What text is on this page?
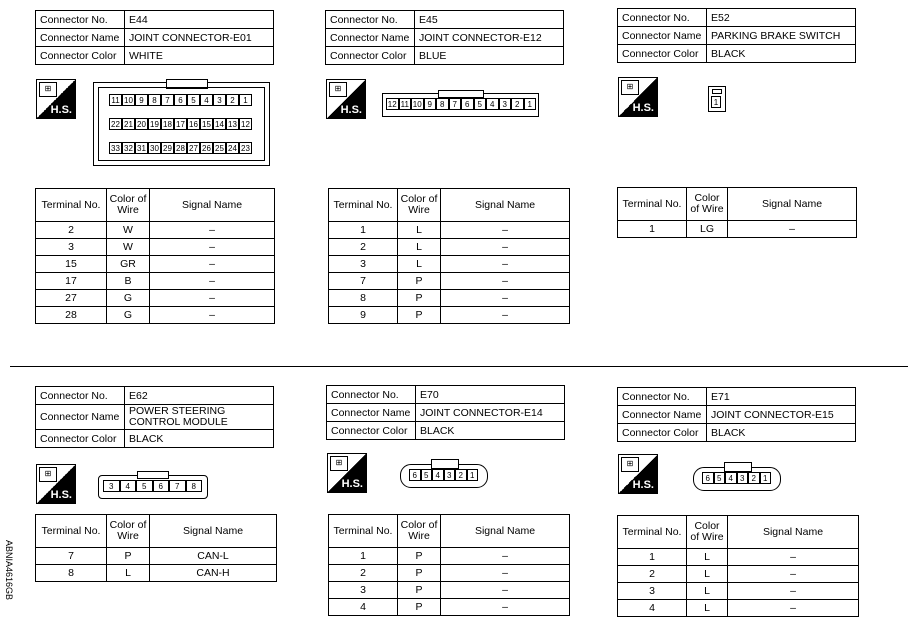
Connector No.	E44
Connector Name	JOINT CONNECTOR-E01
Connector Color	WHITE
⊞
H.S.
11 10 9	8	7	6	5	4	3	2	1
22 21 20 19 18 17 16 15 14 13 12
33 32 31 30 29 28 27 26 25 24 23
Terminal No.	Color of Wire	Signal Name
2	W	–
3	W	–
15	GR	–
17	B	–
27	G	–
28	G	–
Connector No.	E45
Connector Name	JOINT CONNECTOR-E12
Connector Color	BLUE
⊞
H.S.	12 11 10 9	8	7	6	5	4	3	2	1
Terminal No.	Color of Wire	Signal Name
1	L	–
2	L	–
3	L	–
7	P	–
8	P	–
9	P	–
Connector No.	E52
Connector Name	PARKING BRAKE SWITCH
Connector Color	BLACK
⊞
H.S.	1
Terminal No.	Color of Wire	Signal Name
1	LG	–
Connector No.	E62
Connector Name	POWER STEERING
CONTROL MODULE
Connector Color	BLACK
⊞
H.S.
3	4	5	6	7	8
Terminal No.	Color of Wire	Signal Name
7	P	CAN-L
8	L	CAN-H
Connector No.	E70
Connector Name	JOINT CONNECTOR-E14
Connector Color	BLACK
⊞
H.S.
6 5 4 3 2 1
Terminal No.	Color of Wire	Signal Name
1	P	–
2	P	–
3	P	–
4	P	–
Connector No.	E71
Connector Name	JOINT CONNECTOR-E15
Connector Color	BLACK
⊞
H.S.
6 5 4 3 2 1
Terminal No.	Color of Wire	Signal Name
1	L	–
2	L	–
3	L	–
4	L	–
ABNIA4616GB
